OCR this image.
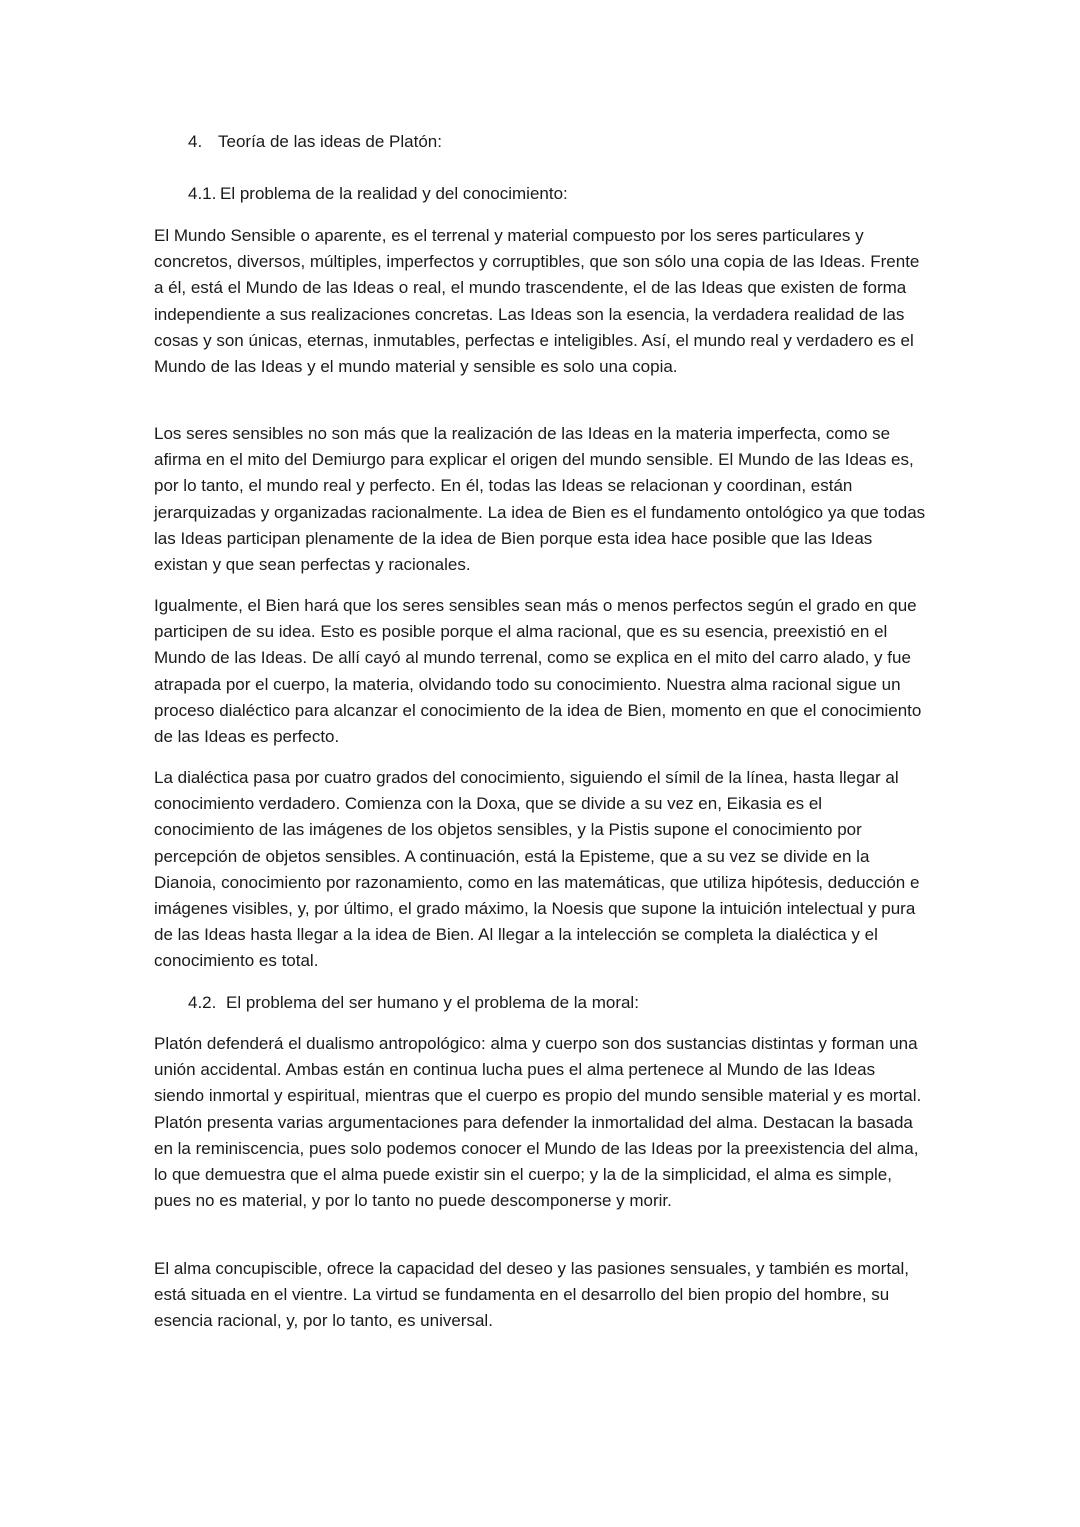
4. Teoría de las ideas de Platón:
4.1. El problema de la realidad y del conocimiento:

El Mundo Sensible o aparente, es el terrenal y material compuesto por los seres particulares y concretos, diversos, múltiples, imperfectos y corruptibles, que son sólo una copia de las Ideas. Frente a él, está el Mundo de las Ideas o real, el mundo trascendente, el de las Ideas que existen de forma independiente a sus realizaciones concretas. Las Ideas son la esencia, la verdadera realidad de las cosas y son únicas, eternas, inmutables, perfectas e inteligibles. Así, el mundo real y verdadero es el Mundo de las Ideas y el mundo material y sensible es solo una copia.

Los seres sensibles no son más que la realización de las Ideas en la materia imperfecta, como se afirma en el mito del Demiurgo para explicar el origen del mundo sensible. El Mundo de las Ideas es, por lo tanto, el mundo real y perfecto. En él, todas las Ideas se relacionan y coordinan, están jerarquizadas y organizadas racionalmente. La idea de Bien es el fundamento ontológico ya que todas las Ideas participan plenamente de la idea de Bien porque esta idea hace posible que las Ideas existan y que sean perfectas y racionales.

Igualmente, el Bien hará que los seres sensibles sean más o menos perfectos según el grado en que participen de su idea. Esto es posible porque el alma racional, que es su esencia, preexistió en el Mundo de las Ideas. De allí cayó al mundo terrenal, como se explica en el mito del carro alado, y fue atrapada por el cuerpo, la materia, olvidando todo su conocimiento. Nuestra alma racional sigue un proceso dialéctico para alcanzar el conocimiento de la idea de Bien, momento en que el conocimiento de las Ideas es perfecto.

La dialéctica pasa por cuatro grados del conocimiento, siguiendo el símil de la línea, hasta llegar al conocimiento verdadero. Comienza con la Doxa, que se divide a su vez en, Eikasia es el conocimiento de las imágenes de los objetos sensibles, y la Pistis supone el conocimiento por percepción de objetos sensibles. A continuación, está la Episteme, que a su vez se divide en la Dianoia, conocimiento por razonamiento, como en las matemáticas, que utiliza hipótesis, deducción e imágenes visibles, y, por último, el grado máximo, la Noesis que supone la intuición intelectual y pura de las Ideas hasta llegar a la idea de Bien. Al llegar a la intelección se completa la dialéctica y el conocimiento es total.

4.2. El problema del ser humano y el problema de la moral:

Platón defenderá el dualismo antropológico: alma y cuerpo son dos sustancias distintas y forman una unión accidental. Ambas están en continua lucha pues el alma pertenece al Mundo de las Ideas siendo inmortal y espiritual, mientras que el cuerpo es propio del mundo sensible material y es mortal. Platón presenta varias argumentaciones para defender la inmortalidad del alma. Destacan la basada en la reminiscencia, pues solo podemos conocer el Mundo de las Ideas por la preexistencia del alma, lo que demuestra que el alma puede existir sin el cuerpo; y la de la simplicidad, el alma es simple, pues no es material, y por lo tanto no puede descomponerse y morir.

El alma concupiscible, ofrece la capacidad del deseo y las pasiones sensuales, y también es mortal, está situada en el vientre. La virtud se fundamenta en el desarrollo del bien propio del hombre, su esencia racional, y, por lo tanto, es universal.
